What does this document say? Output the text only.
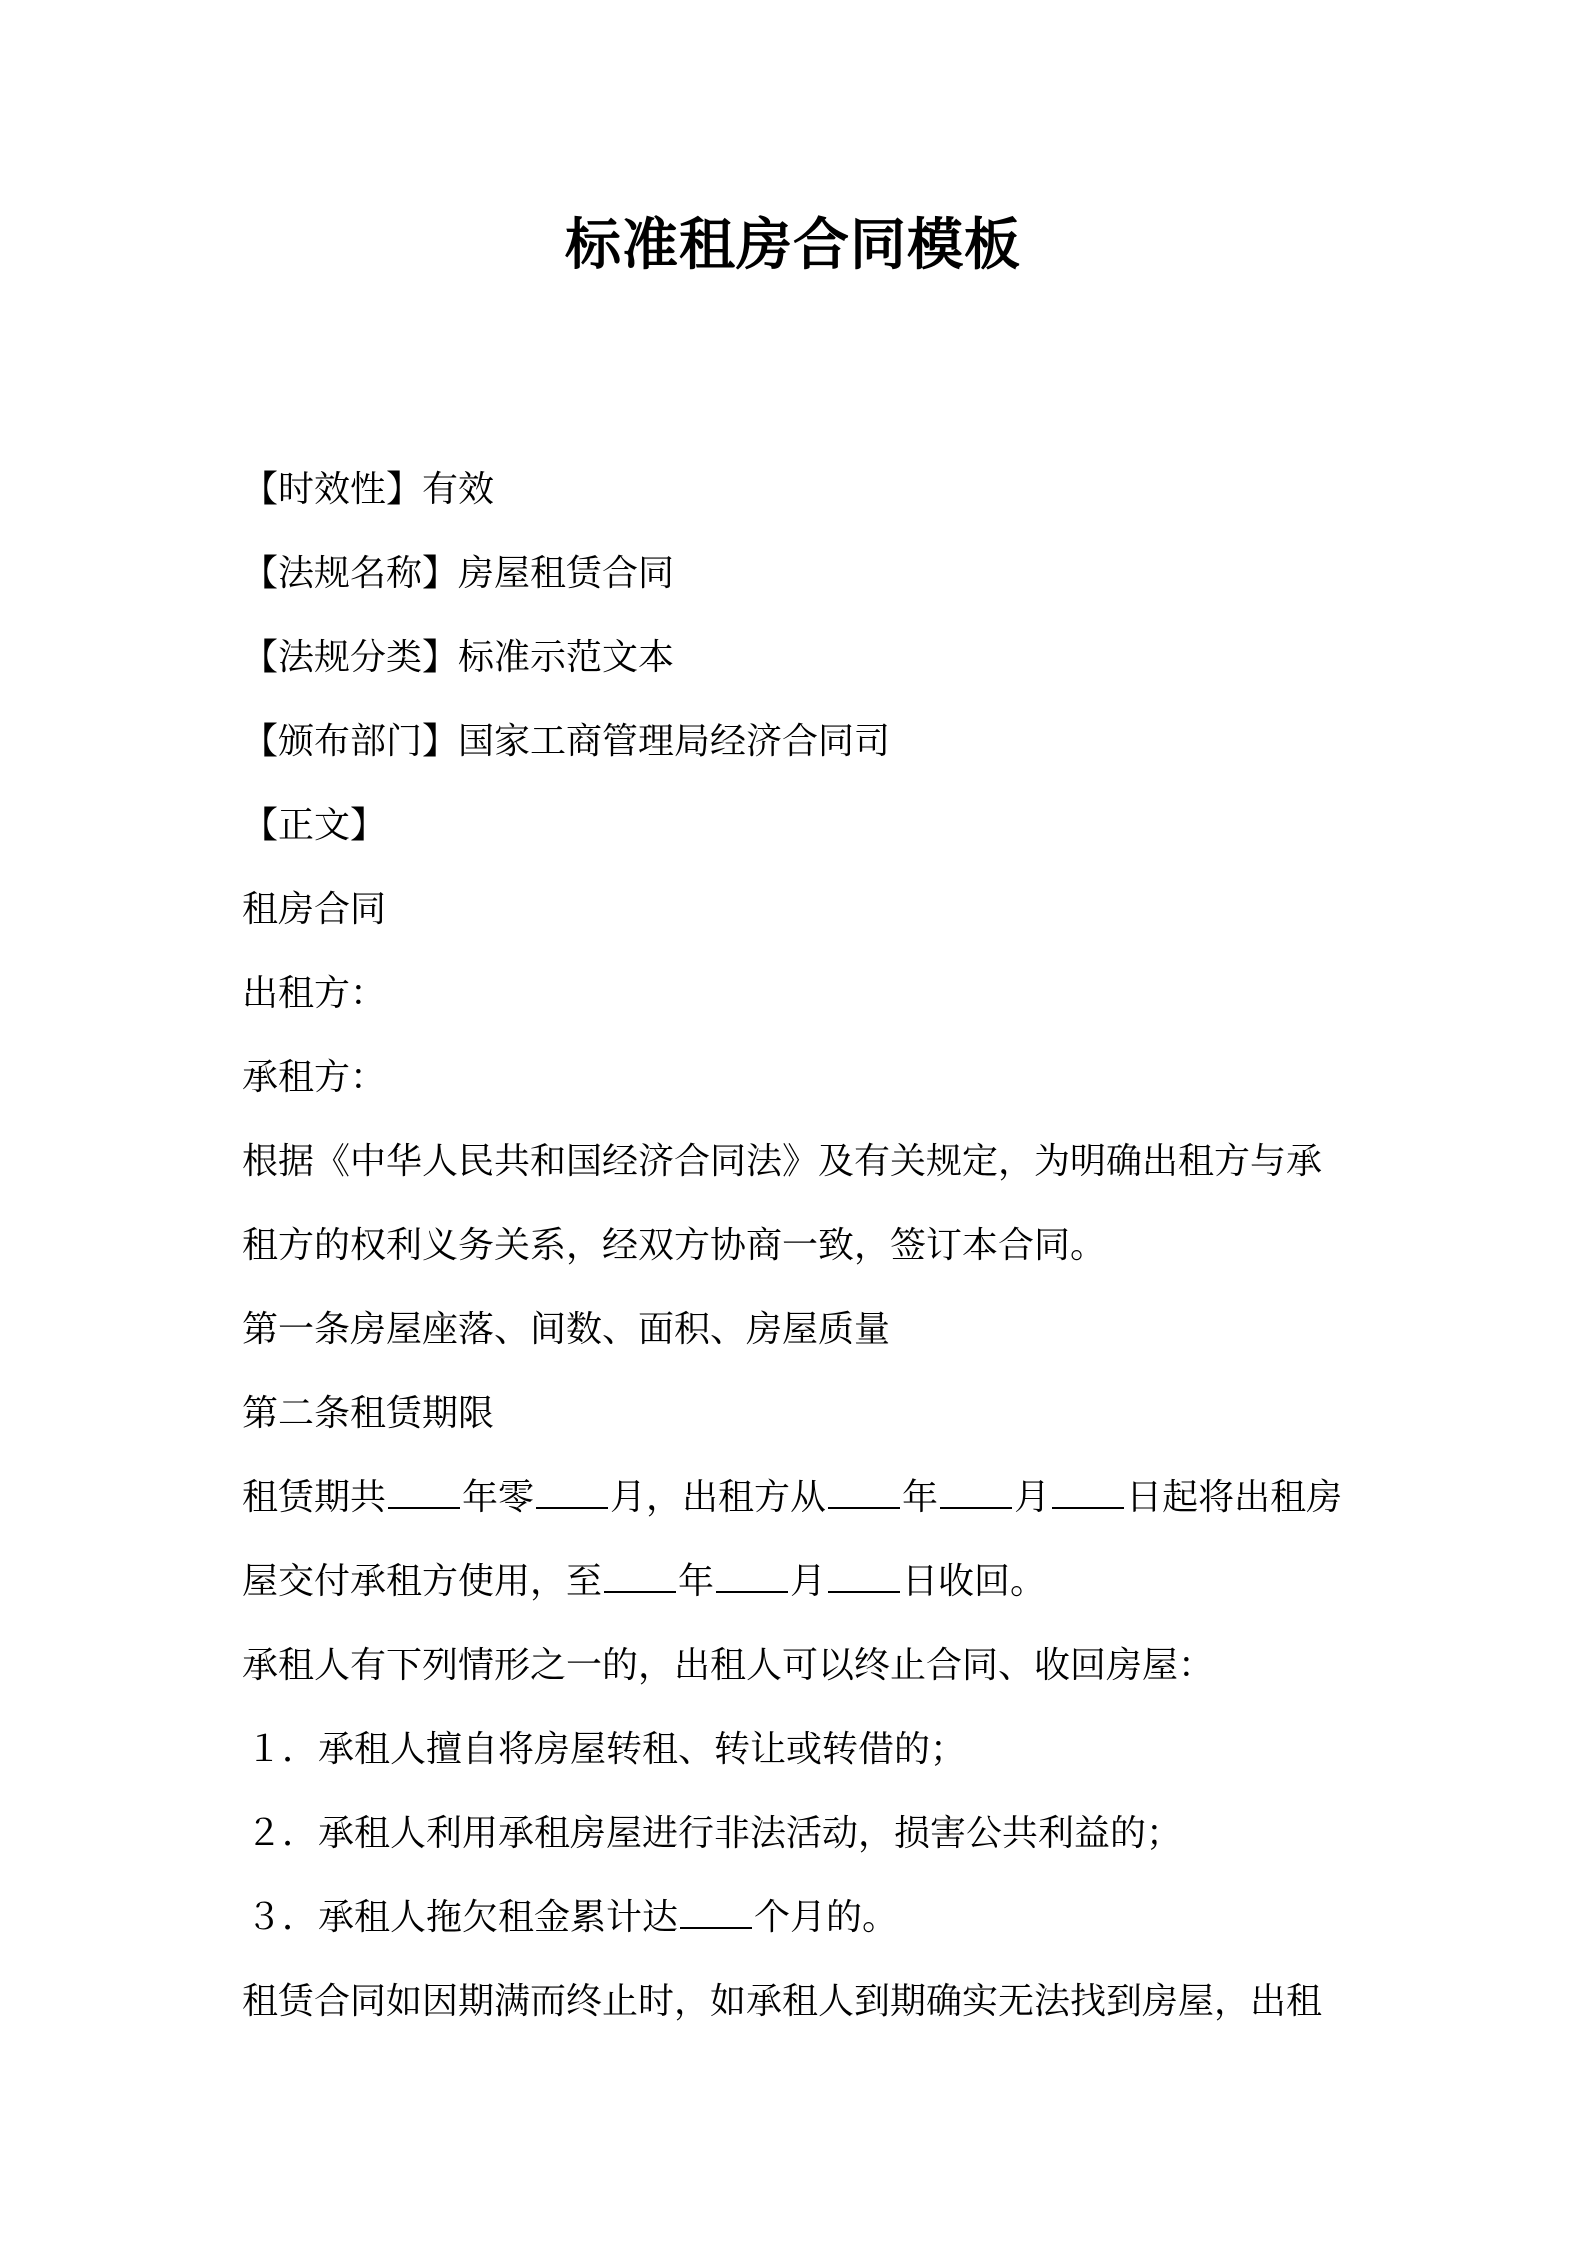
标准租房合同模板
【时效性】有效
【法规名称】房屋租赁合同
【法规分类】标准示范文本
【颁布部门】国家工商管理局经济合同司
【正文】
租房合同
出租方：
承租方：
根据《中华人民共和国经济合同法》及有关规定，为明确出租方与承
租方的权利义务关系，经双方协商一致，签订本合同。
第一条房屋座落、间数、面积、房屋质量
第二条租赁期限
租赁期共 年零 月，出租方从 年 月 日起将出租房
屋交付承租方使用，至 年 月 日收回。
承租人有下列情形之一的，出租人可以终止合同、收回房屋：
１．承租人擅自将房屋转租、转让或转借的；
２．承租人利用承租房屋进行非法活动，损害公共利益的；
３．承租人拖欠租金累计达 个月的。
租赁合同如因期满而终止时，如承租人到期确实无法找到房屋，出租
